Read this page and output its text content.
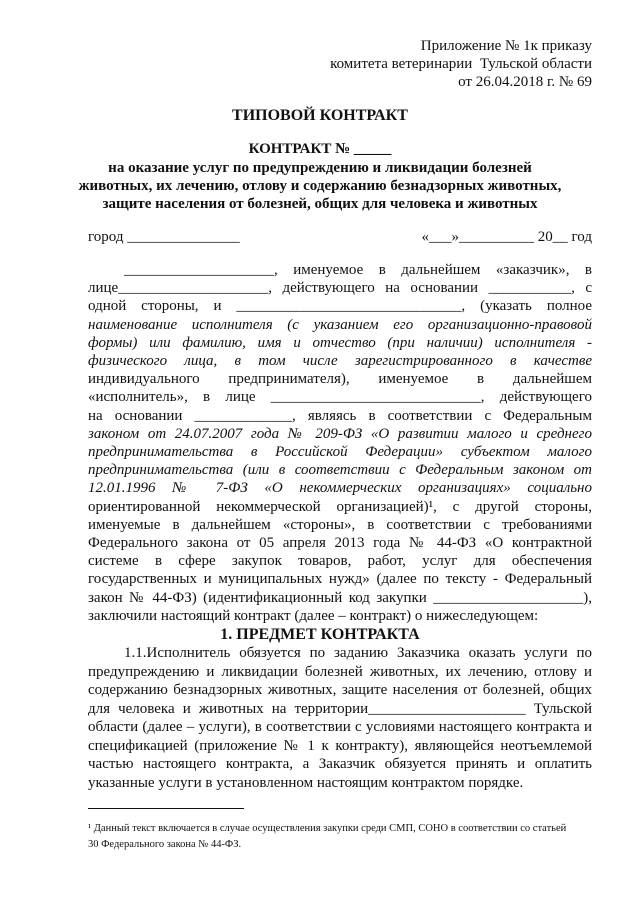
Приложение № 1к приказу
комитета ветеринарии  Тульской области
от 26.04.2018 г. № 69
ТИПОВОЙ КОНТРАКТ
КОНТРАКТ № _____
на оказание услуг по предупреждению и ликвидации болезней
животных, их лечению, отлову и содержанию безнадзорных животных,
защите населения от болезней, общих для человека и животных
город _______________	«___»__________ 20__ год
____________________, именуемое в дальнейшем «заказчик», в
лице____________________, действующего на основании ___________, с
одной стороны, и ______________________________, (указать полное
наименование исполнителя (с указанием его организационно-правовой
формы) или фамилию, имя и отчество (при наличии) исполнителя -
физического лица, в том числе зарегистрированного в качестве
индивидуального предпринимателя), именуемое в дальнейшем
«исполнитель», в лице ____________________________, действующего
на основании _____________, являясь в соответствии с Федеральным
законом от 24.07.2007 года № 209-ФЗ «О развитии малого и среднего
предпринимательства в Российской Федерации» субъектом малого
предпринимательства (или в соответствии с Федеральным законом от
12.01.1996 № 7-ФЗ «О некоммерческих организациях» социально
ориентированной некоммерческой организацией)¹, с другой стороны,
именуемые в дальнейшем «стороны», в соответствии с требованиями
Федерального закона от 05 апреля 2013 года № 44-ФЗ «О контрактной
системе в сфере закупок товаров, работ, услуг для обеспечения
государственных и муниципальных нужд» (далее по тексту - Федеральный
закон № 44-ФЗ) (идентификационный код закупки ____________________),
заключили настоящий контракт (далее – контракт) о нижеследующем:
1. ПРЕДМЕТ КОНТРАКТА
1.1.Исполнитель обязуется по заданию Заказчика оказать услуги по
предупреждению и ликвидации болезней животных, их лечению, отлову и
содержанию безнадзорных животных, защите населения от болезней, общих
для человека и животных на территории_____________________ Тульской
области (далее – услуги), в соответствии с условиями настоящего контракта и
спецификацией (приложение № 1 к контракту), являющейся неотъемлемой
частью настоящего контракта, а Заказчик обязуется принять и оплатить
указанные услуги в установленном настоящим контрактом порядке.
¹ Данный текст включается в случае осуществления закупки среди СМП, СОНО в соответствии со статьей
30 Федерального закона № 44-ФЗ.
